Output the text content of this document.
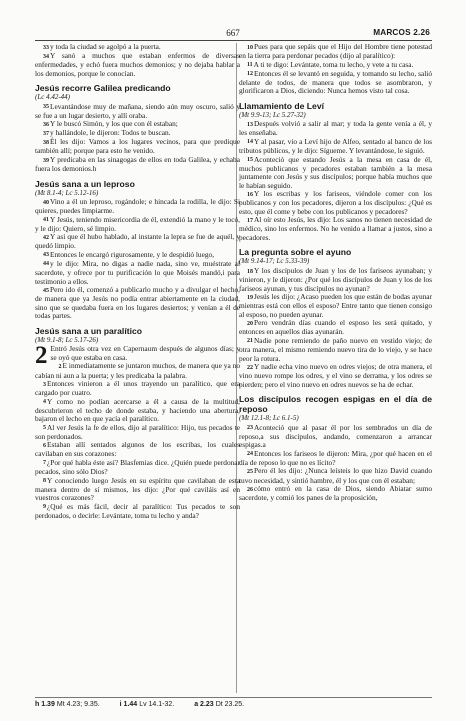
667	MARCOS 2.26
33y toda la ciudad se agolpó a la puerta.
34Y sanó a muchos que estaban enfermos de diversas enfermedades, y echó fuera muchos demonios; y no dejaba hablar a los demonios, porque le conocían.
Jesús recorre Galilea predicando
(Lc 4.42-44)
35Levantándose muy de mañana, siendo aún muy oscuro, salió y se fue a un lugar desierto, y allí oraba.
36Y le buscó Simón, y los que con él estaban;
37y hallándole, le dijeron: Todos te buscan.
38Él les dijo: Vamos a los lugares vecinos, para que predique también allí; porque para esto he venido.
39Y predicaba en las sinagogas de ellos en toda Galilea, y echaba fuera los demonios.h
Jesús sana a un leproso
(Mt 8.1-4; Lc 5.12-16)
40Vino a él un leproso, rogándole; e hincada la rodilla, le dijo: Si quieres, puedes limpiarme.
41Y Jesús, teniendo misericordia de él, extendió la mano y le tocó, y le dijo: Quiero, sé limpio.
42Y así que él hubo hablado, al instante la lepra se fue de aquél, y quedó limpio.
43Entonces le encargó rigurosamente, y le despidió luego,
44y le dijo: Mira, no digas a nadie nada, sino ve, muéstrate al sacerdote, y ofrece por tu purificación lo que Moisés mandó,i para testimonio a ellos.
45Pero ido él, comenzó a publicarlo mucho y a divulgar el hecho, de manera que ya Jesús no podía entrar abiertamente en la ciudad, sino que se quedaba fuera en los lugares desiertos; y venían a él de todas partes.
Jesús sana a un paralítico
(Mt 9.1-8; Lc 5.17-26)
2 Entró Jesús otra vez en Capernaum después de algunos días; y se oyó que estaba en casa.
2E inmediatamente se juntaron muchos, de manera que ya no cabían ni aun a la puerta; y les predicaba la palabra.
3Entonces vinieron a él unos trayendo un paralítico, que era cargado por cuatro.
4Y como no podían acercarse a él a causa de la multitud, descubrieron el techo de donde estaba, y haciendo una abertura, bajaron el lecho en que yacía el paralítico.
5Al ver Jesús la fe de ellos, dijo al paralítico: Hijo, tus pecados te son perdonados.
6Estaban allí sentados algunos de los escribas, los cuales cavilaban en sus corazones:
7¿Por qué habla éste así? Blasfemias dice. ¿Quién puede perdonar pecados, sino sólo Dios?
8Y conociendo luego Jesús en su espíritu que cavilaban de esta manera dentro de sí mismos, les dijo: ¿Por qué caviláis así en vuestros corazones?
9¿Qué es más fácil, decir al paralítico: Tus pecados te son perdonados, o decirle: Levántate, toma tu lecho y anda?
10Pues para que sepáis que el Hijo del Hombre tiene potestad en la tierra para perdonar pecados (dijo al paralítico):
11A ti te digo: Levántate, toma tu lecho, y vete a tu casa.
12Entonces él se levantó en seguida, y tomando su lecho, salió delante de todos, de manera que todos se asombraron, y glorificaron a Dios, diciendo: Nunca hemos visto tal cosa.
Llamamiento de Leví
(Mt 9.9-13; Lc 5.27-32)
13Después volvió a salir al mar; y toda la gente venía a él, y les enseñaba.
14Y al pasar, vio a Leví hijo de Alfeo, sentado al banco de los tributos públicos, y le dijo: Sígueme. Y levantándose, le siguió.
15Aconteció que estando Jesús a la mesa en casa de él, muchos publicanos y pecadores estaban también a la mesa juntamente con Jesús y sus discípulos; porque había muchos que le habían seguido.
16Y los escribas y los fariseos, viéndole comer con los publicanos y con los pecadores, dijeron a los discípulos: ¿Qué es esto, que él come y bebe con los publicanos y pecadores?
17Al oír esto Jesús, les dijo: Los sanos no tienen necesidad de médico, sino los enfermos. No he venido a llamar a justos, sino a pecadores.
La pregunta sobre el ayuno
(Mt 9.14-17; Lc 5.33-39)
18Y los discípulos de Juan y los de los fariseos ayunaban; y vinieron, y le dijeron: ¿Por qué los discípulos de Juan y los de los fariseos ayunan, y tus discípulos no ayunan?
19Jesús les dijo: ¿Acaso pueden los que están de bodas ayunar mientras está con ellos el esposo? Entre tanto que tienen consigo al esposo, no pueden ayunar.
20Pero vendrán días cuando el esposo les será quitado, y entonces en aquellos días ayunarán.
21Nadie pone remiendo de paño nuevo en vestido viejo; de otra manera, el mismo remiendo nuevo tira de lo viejo, y se hace peor la rotura.
22Y nadie echa vino nuevo en odres viejos; de otra manera, el vino nuevo rompe los odres, y el vino se derrama, y los odres se pierden; pero el vino nuevo en odres nuevos se ha de echar.
Los discípulos recogen espigas en el día de reposo
(Mt 12.1-8; Lc 6.1-5)
23Aconteció que al pasar él por los sembrados un día de reposo,a sus discípulos, andando, comenzaron a arrancar espigas.a
24Entonces los fariseos le dijeron: Mira, ¿por qué hacen en el día de reposo lo que no es lícito?
25Pero él les dijo: ¿Nunca leísteis lo que hizo David cuando tuvo necesidad, y sintió hambre, él y los que con él estaban;
26cómo entró en la casa de Dios, siendo Abiatar sumo sacerdote, y comió los panes de la proposición,
h 1.39 Mt 4.23; 9.35.	i 1.44 Lv 14.1-32.	a 2.23 Dt 23.25.
